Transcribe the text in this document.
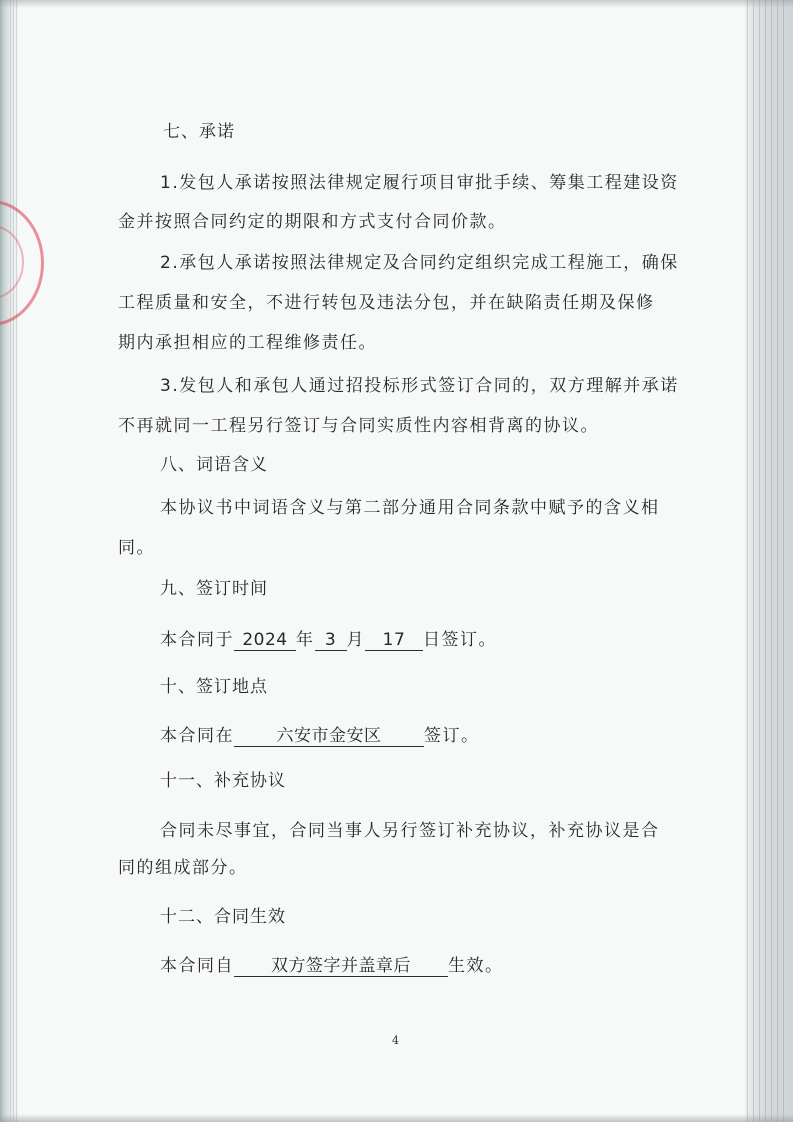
七、承诺

1.发包人承诺按照法律规定履行项目审批手续、筹集工程建设资

金并按照合同约定的期限和方式支付合同价款。

2.承包人承诺按照法律规定及合同约定组织完成工程施工，确保

工程质量和安全，不进行转包及违法分包，并在缺陷责任期及保修

期内承担相应的工程维修责任。

3.发包人和承包人通过招投标形式签订合同的，双方理解并承诺

不再就同一工程另行签订与合同实质性内容相背离的协议。

八、词语含义

本协议书中词语含义与第二部分通用合同条款中赋予的含义相

同。

九、签订时间

本合同于 2024 年 3 月 17 日签订。

十、签订地点

本合同在	六安市金安区	签订。

十一、补充协议

合同未尽事宜，合同当事人另行签订补充协议，补充协议是合

同的组成部分。

十二、合同生效

本合同自 双方签字并盖章后 生效。

4
